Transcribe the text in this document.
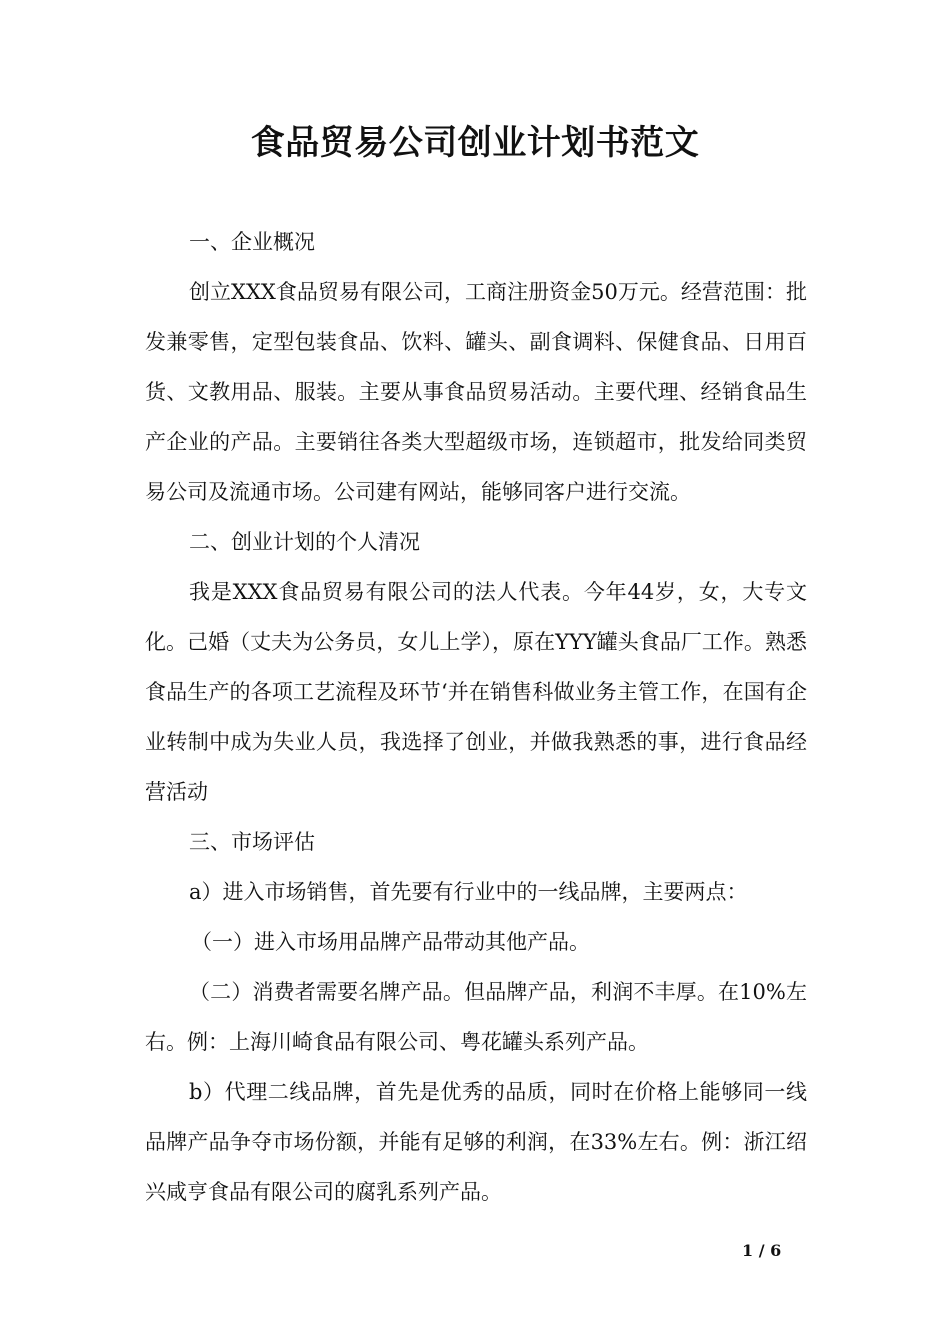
食品贸易公司创业计划书范文

一、企业概况

创立XXX食品贸易有限公司，工商注册资金50万元。经营范围：批发兼零售，定型包装食品、饮料、罐头、副食调料、保健食品、日用百货、文教用品、服装。主要从事食品贸易活动。主要代理、经销食品生产企业的产品。主要销往各类大型超级市场，连锁超市，批发给同类贸易公司及流通市场。公司建有网站，能够同客户进行交流。

二、创业计划的个人清况

我是XXX食品贸易有限公司的法人代表。今年44岁，女，大专文化。己婚（丈夫为公务员，女儿上学），原在YYY罐头食品厂工作。熟悉食品生产的各项工艺流程及环节‘并在销售科做业务主管工作，在国有企业转制中成为失业人员，我选择了创业，并做我熟悉的事，进行食品经营活动

三、市场评估

a）进入市场销售，首先要有行业中的一线品牌，主要两点：

（一）进入市场用品牌产品带动其他产品。

（二）消费者需要名牌产品。但品牌产品，利润不丰厚。在10%左右。例：上海川崎食品有限公司、粤花罐头系列产品。

b）代理二线品牌，首先是优秀的品质，同时在价格上能够同一线品牌产品争夺市场份额，并能有足够的利润，在33%左右。例：浙江绍兴咸亨食品有限公司的腐乳系列产品。

1 / 6
